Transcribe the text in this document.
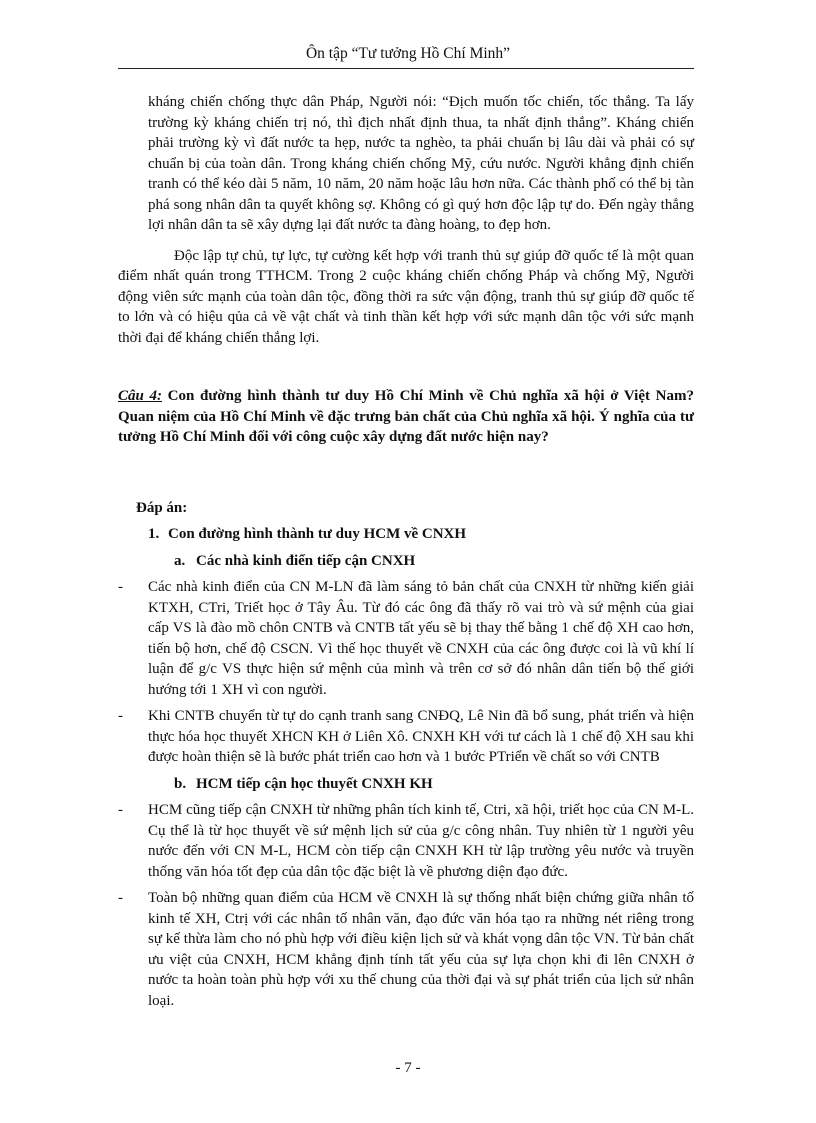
Ôn tập “Tư tưởng Hồ Chí Minh”

kháng chiến chống thực dân Pháp, Người nói: “Địch muốn tốc chiến, tốc thắng. Ta lấy trường kỳ kháng chiến trị nó, thì địch nhất định thua, ta nhất định thắng”. Kháng chiến phải trường kỳ vì đất nước ta hẹp, nước ta nghèo, ta phải chuẩn bị lâu dài và phải có sự chuẩn bị của toàn dân. Trong kháng chiến chống Mỹ, cứu nước. Người khẳng định chiến tranh có thể kéo dài 5 năm, 10 năm, 20 năm hoặc lâu hơn nữa. Các thành phố có thể bị tàn phá song nhân dân ta quyết không sợ. Không có gì quý hơn độc lập tự do. Đến ngày thắng lợi nhân dân ta sẽ xây dựng lại đất nước ta đàng hoàng, to đẹp hơn.

Độc lập tự chủ, tự lực, tự cường kết hợp với tranh thủ sự giúp đỡ quốc tế là một quan điểm nhất quán trong TTHCM. Trong 2 cuộc kháng chiến chống Pháp và chống Mỹ, Người động viên sức mạnh của toàn dân tộc, đồng thời ra sức vận động, tranh thủ sự giúp đỡ quốc tế to lớn và có hiệu qủa cả về vật chất và tinh thần kết hợp với sức mạnh dân tộc với sức mạnh thời đại để kháng chiến thắng lợi.

Câu 4: Con đường hình thành tư duy Hồ Chí Minh về Chủ nghĩa xã hội ở Việt Nam? Quan niệm của Hồ Chí Minh về đặc trưng bản chất của Chủ nghĩa xã hội. Ý nghĩa của tư tưởng Hồ Chí Minh đối với công cuộc xây dựng đất nước hiện nay?

Đáp án:

1. Con đường hình thành tư duy HCM về CNXH

a. Các nhà kinh điển tiếp cận CNXH

- Các nhà kinh điển của CN M-LN đã làm sáng tỏ bản chất của CNXH từ những kiến giải KTXH, CTri, Triết học ở Tây Âu. Từ đó các ông đã thấy rõ vai trò và sứ mệnh của giai cấp VS là đào mồ chôn CNTB và CNTB tất yếu sẽ bị thay thế bằng 1 chế độ XH cao hơn, tiến bộ hơn, chế độ CSCN. Vì thế học thuyết về CNXH của các ông được coi là vũ khí lí luận để g/c VS thực hiện sứ mệnh của mình và trên cơ sở đó nhân dân tiến bộ thế giới hướng tới 1 XH vì con người.
- Khi CNTB chuyển từ tự do cạnh tranh sang CNĐQ, Lê Nin đã bổ sung, phát triển và hiện thực hóa học thuyết XHCN KH ở Liên Xô. CNXH KH với tư cách là 1 chế độ XH sau khi được hoàn thiện sẽ là bước phát triển cao hơn và 1 bước PTriển về chất so với CNTB

b. HCM tiếp cận học thuyết CNXH KH

- HCM cũng tiếp cận CNXH từ những phân tích kinh tế, Ctri, xã hội, triết học của CN M-L. Cụ thể là từ học thuyết về sứ mệnh lịch sử của g/c công nhân. Tuy nhiên từ 1 người yêu nước đến với CN M-L, HCM còn tiếp cận CNXH KH từ lập trường yêu nước và truyền thống văn hóa tốt đẹp của dân tộc đặc biệt là về phương diện đạo đức.
- Toàn bộ những quan điểm của HCM về CNXH là sự thống nhất biện chứng giữa nhân tố kinh tế XH, Ctrị với các nhân tố nhân văn, đạo đức văn hóa tạo ra những nét riêng trong sự kế thừa làm cho nó phù hợp với điều kiện lịch sử và khát vọng dân tộc VN. Từ bản chất ưu việt của CNXH, HCM khẳng định tính tất yếu của sự lựa chọn khi đi lên CNXH ở nước ta hoàn toàn phù hợp với xu thế chung của thời đại và sự phát triển của lịch sử nhân loại.
- 7 -
